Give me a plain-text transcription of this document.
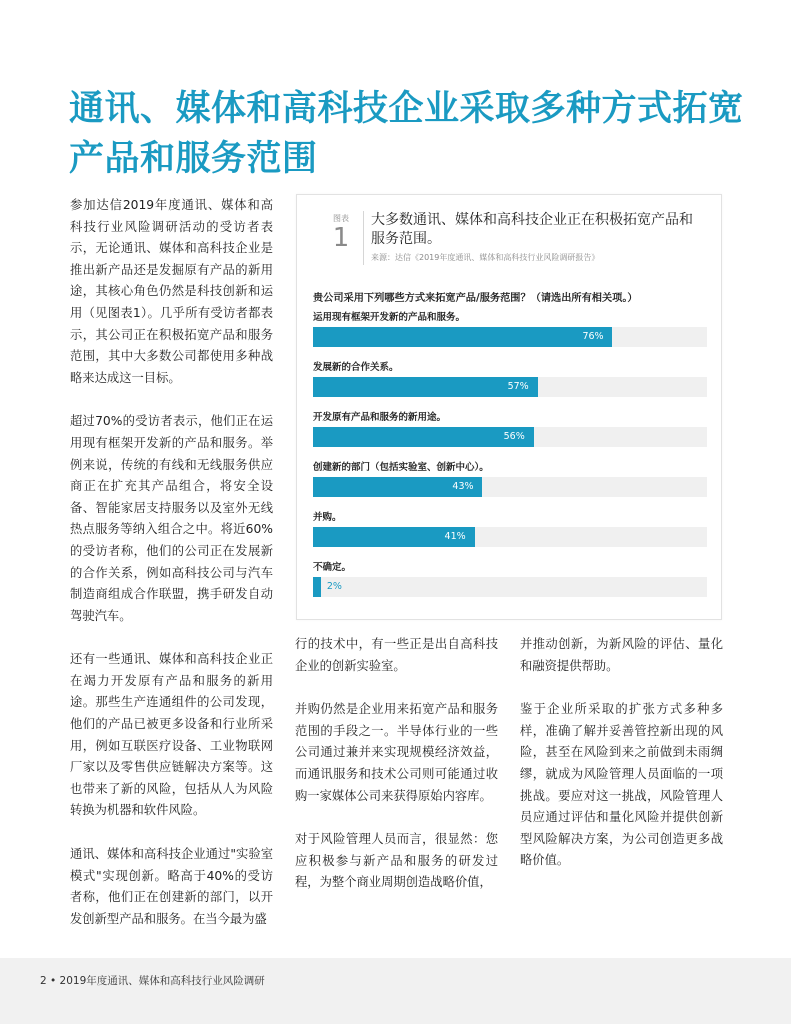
通讯、媒体和高科技企业采取多种方式拓宽产品和服务范围

参加达信2019年度通讯、媒体和高科技行业风险调研活动的受访者表示，无论通讯、媒体和高科技企业是推出新产品还是发掘原有产品的新用途，其核心角色仍然是科技创新和运用（见图表1）。几乎所有受访者都表示，其公司正在积极拓宽产品和服务范围，其中大多数公司都使用多种战略来达成这一目标。

超过70%的受访者表示，他们正在运用现有框架开发新的产品和服务。举例来说，传统的有线和无线服务供应商正在扩充其产品组合，将安全设备、智能家居支持服务以及室外无线热点服务等纳入组合之中。将近60%的受访者称，他们的公司正在发展新的合作关系，例如高科技公司与汽车制造商组成合作联盟，携手研发自动驾驶汽车。

还有一些通讯、媒体和高科技企业正在竭力开发原有产品和服务的新用途。那些生产连通组件的公司发现，他们的产品已被更多设备和行业所采用，例如互联医疗设备、工业物联网厂家以及零售供应链解决方案等。这也带来了新的风险，包括从人为风险转换为机器和软件风险。

通讯、媒体和高科技企业通过"实验室模式"实现创新。略高于40%的受访者称，他们正在创建新的部门，以开发创新型产品和服务。在当今最为盛

图表
1
大多数通讯、媒体和高科技企业正在积极拓宽产品和服务范围。
来源：达信《2019年度通讯、媒体和高科技行业风险调研报告》
贵公司采用下列哪些方式来拓宽产品/服务范围？（请选出所有相关项。）
运用现有框架开发新的产品和服务。
76%
发展新的合作关系。
57%
开发原有产品和服务的新用途。
56%
创建新的部门（包括实验室、创新中心）。
43%
并购。
41%
不确定。
2%

行的技术中，有一些正是出自高科技企业的创新实验室。

并购仍然是企业用来拓宽产品和服务范围的手段之一。半导体行业的一些公司通过兼并来实现规模经济效益，而通讯服务和技术公司则可能通过收购一家媒体公司来获得原始内容库。

对于风险管理人员而言，很显然：您应积极参与新产品和服务的研发过程，为整个商业周期创造战略价值，

并推动创新，为新风险的评估、量化和融资提供帮助。

鉴于企业所采取的扩张方式多种多样，准确了解并妥善管控新出现的风险，甚至在风险到来之前做到未雨绸缪，就成为风险管理人员面临的一项挑战。要应对这一挑战，风险管理人员应通过评估和量化风险并提供创新型风险解决方案，为公司创造更多战略价值。

2 • 2019年度通讯、媒体和高科技行业风险调研
